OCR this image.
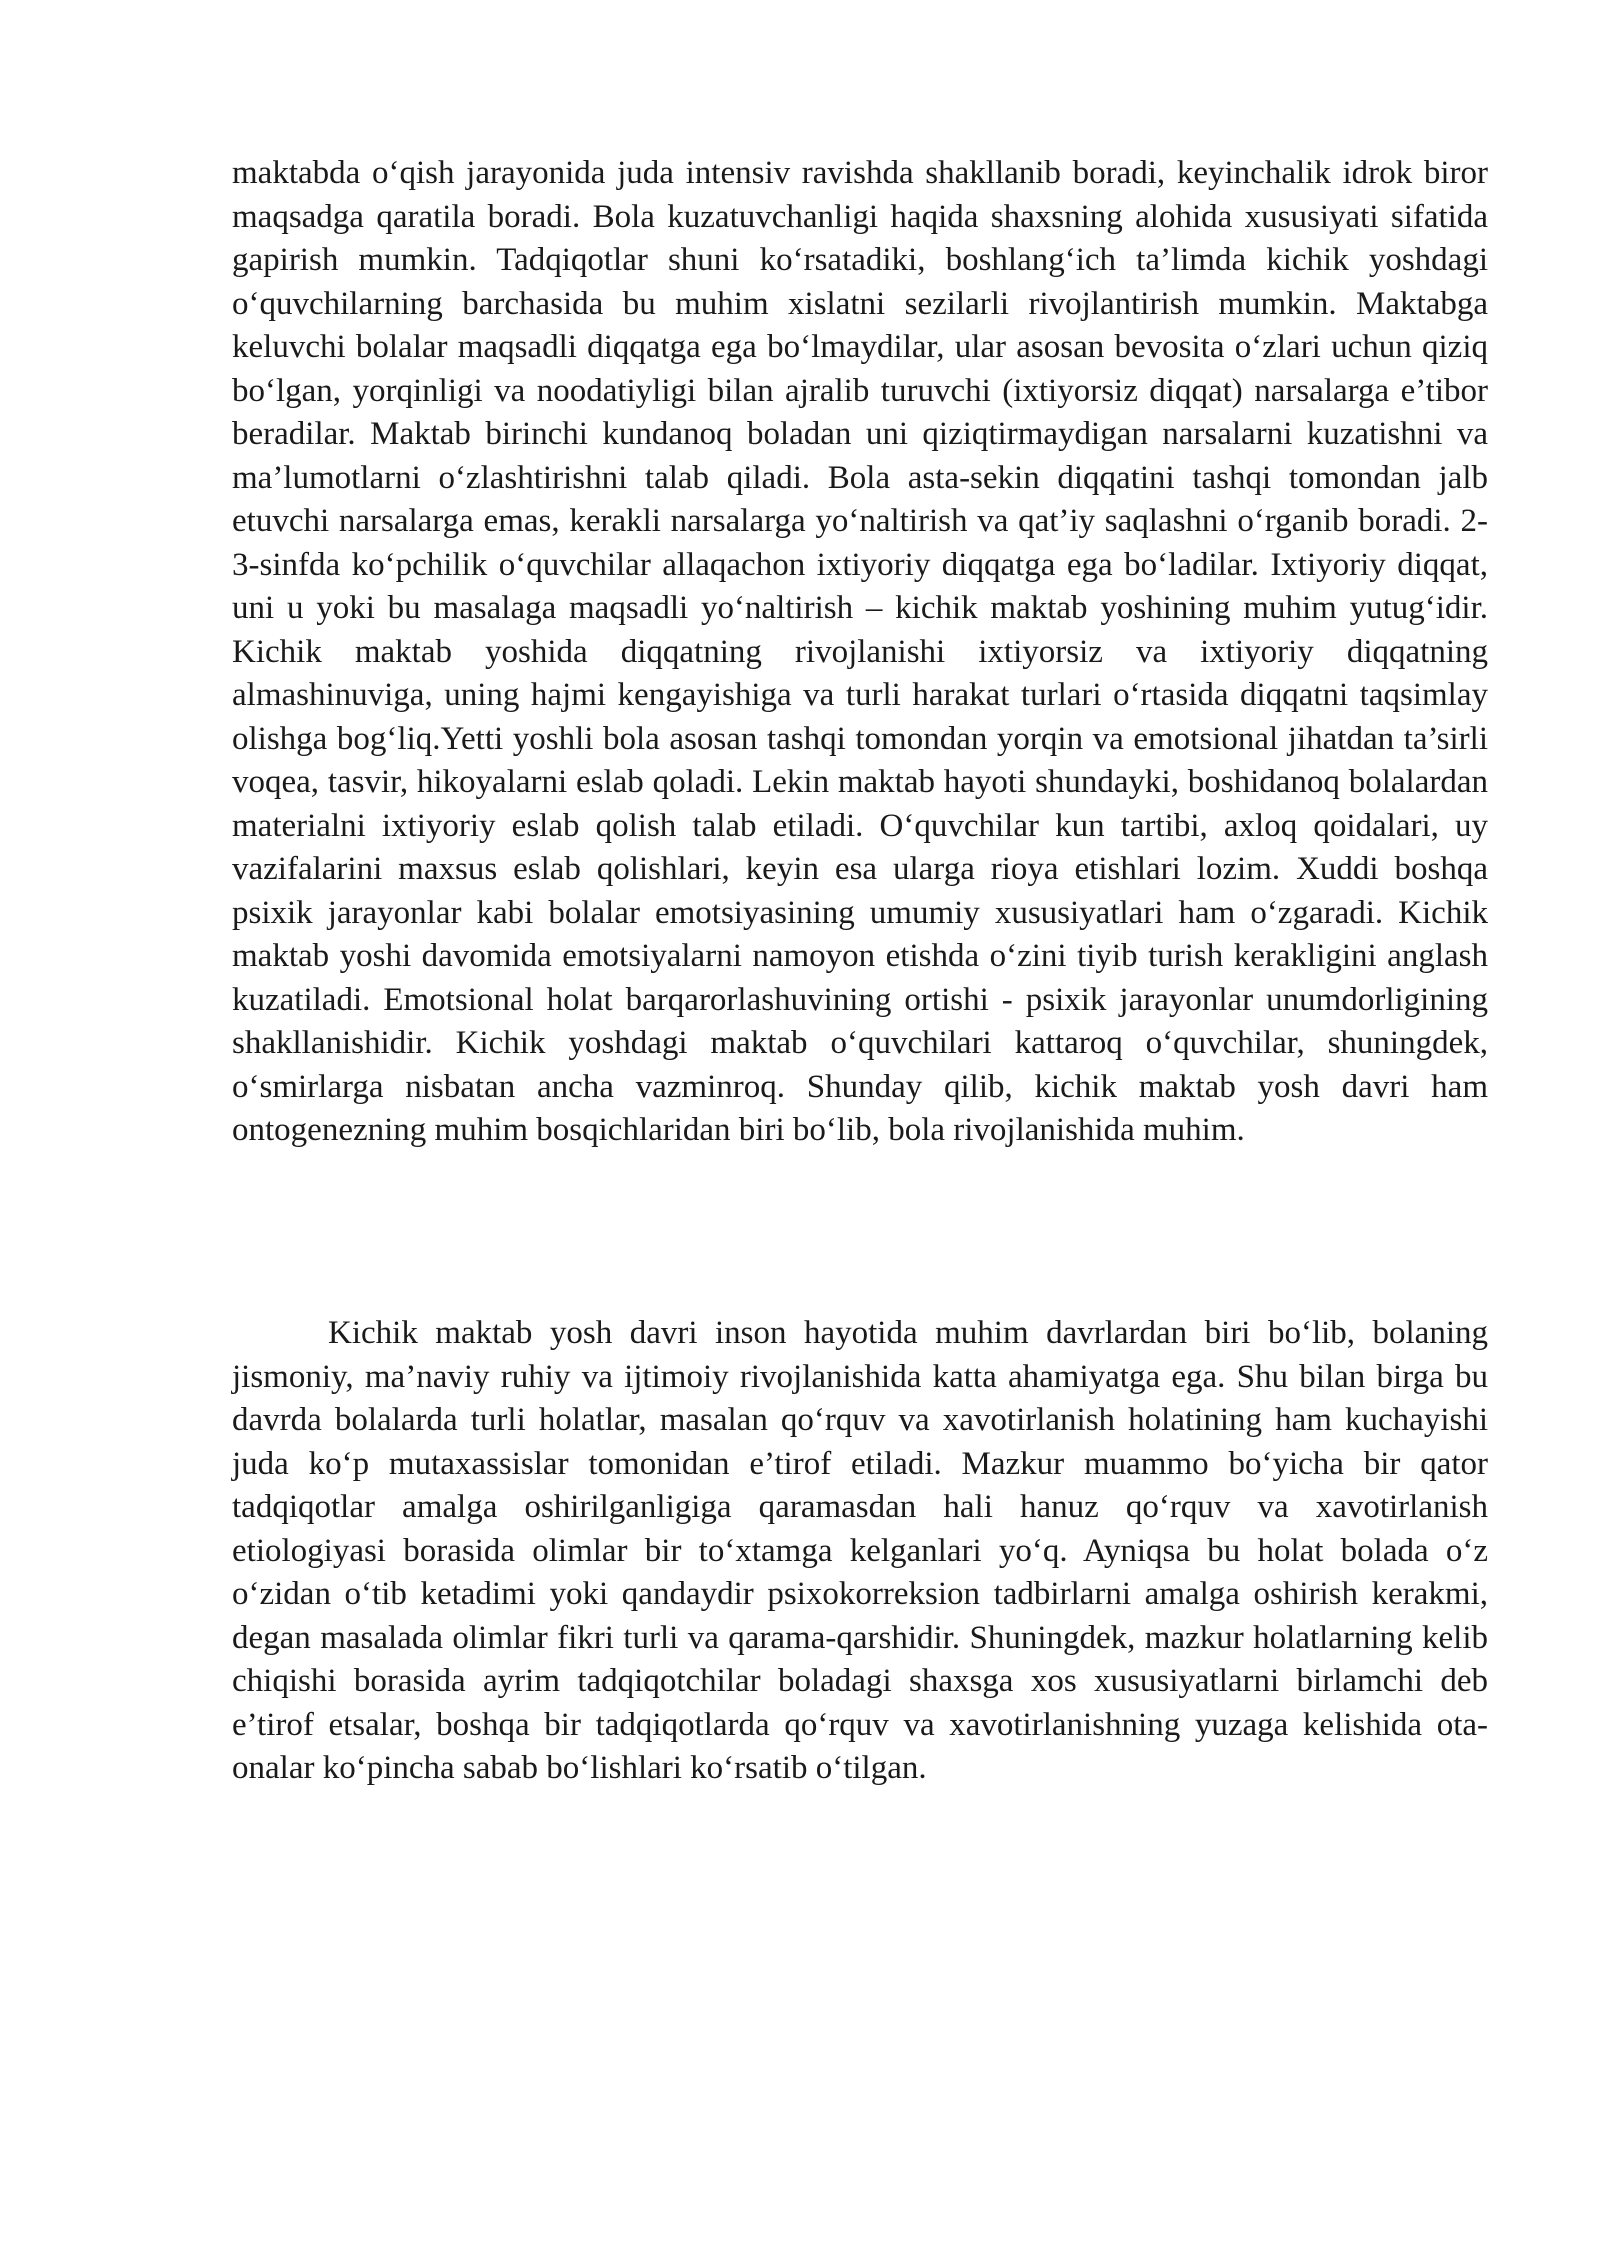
maktabda o‘qish jarayonida juda intensiv ravishda shakllanib boradi, keyinchalik idrok biror maqsadga qaratila boradi. Bola kuzatuvchanligi haqida shaxsning alohida xususiyati sifatida gapirish mumkin. Tadqiqotlar shuni ko‘rsatadiki, boshlang‘ich ta’limda kichik yoshdagi o‘quvchilarning barchasida bu muhim xislatni sezilarli rivojlantirish mumkin. Maktabga keluvchi bolalar maqsadli diqqatga ega bo‘lmaydilar, ular asosan bevosita o‘zlari uchun qiziq bo‘lgan, yorqinligi va noodatiyligi bilan ajralib turuvchi (ixtiyorsiz diqqat) narsalarga e’tibor beradilar. Maktab birinchi kundanoq boladan uni qiziqtirmaydigan narsalarni kuzatishni va ma’lumotlarni o‘zlashtirishni talab qiladi. Bola asta-sekin diqqatini tashqi tomondan jalb etuvchi narsalarga emas, kerakli narsalarga yo‘naltirish va qat’iy saqlashni o‘rganib boradi. 2-3-sinfda ko‘pchilik o‘quvchilar allaqachon ixtiyoriy diqqatga ega bo‘ladilar. Ixtiyoriy diqqat, uni u yoki bu masalaga maqsadli yo‘naltirish – kichik maktab yoshining muhim yutug‘idir. Kichik maktab yoshida diqqatning rivojlanishi ixtiyorsiz va ixtiyoriy diqqatning almashinuviga, uning hajmi kengayishiga va turli harakat turlari o‘rtasida diqqatni taqsimlay olishga bog‘liq.Yetti yoshli bola asosan tashqi tomondan yorqin va emotsional jihatdan ta’sirli voqea, tasvir, hikoyalarni eslab qoladi. Lekin maktab hayoti shundayki, boshidanoq bolalardan materialni ixtiyoriy eslab qolish talab etiladi. O‘quvchilar kun tartibi, axloq qoidalari, uy vazifalarini maxsus eslab qolishlari, keyin esa ularga rioya etishlari lozim. Xuddi boshqa psixik jarayonlar kabi bolalar emotsiyasining umumiy xususiyatlari ham o‘zgaradi. Kichik maktab yoshi davomida emotsiyalarni namoyon etishda o‘zini tiyib turish kerakligini anglash kuzatiladi. Emotsional holat barqarorlashuvining ortishi - psixik jarayonlar unumdorligining shakllanishidir. Kichik yoshdagi maktab o‘quvchilari kattaroq o‘quvchilar, shuningdek, o‘smirlarga nisbatan ancha vazminroq. Shunday qilib, kichik maktab yosh davri ham ontogenezning muhim bosqichlaridan biri bo‘lib, bola rivojlanishida muhim.

Kichik maktab yosh davri inson hayotida muhim davrlardan biri bo‘lib, bolaning jismoniy, ma’naviy ruhiy va ijtimoiy rivojlanishida katta ahamiyatga ega. Shu bilan birga bu davrda bolalarda turli holatlar, masalan qo‘rquv va xavotirlanish holatining ham kuchayishi juda ko‘p mutaxassislar tomonidan e’tirof etiladi. Mazkur muammo bo‘yicha bir qator tadqiqotlar amalga oshirilganligiga qaramasdan hali hanuz qo‘rquv va xavotirlanish etiologiyasi borasida olimlar bir to‘xtamga kelganlari yo‘q. Ayniqsa bu holat bolada o‘z o‘zidan o‘tib ketadimi yoki qandaydir psixokorreksion tadbirlarni amalga oshirish kerakmi, degan masalada olimlar fikri turli va qarama-qarshidir. Shuningdek, mazkur holatlarning kelib chiqishi borasida ayrim tadqiqotchilar boladagi shaxsga xos xususiyatlarni birlamchi deb e’tirof etsalar, boshqa bir tadqiqotlarda qo‘rquv va xavotirlanishning yuzaga kelishida ota-onalar ko‘pincha sabab bo‘lishlari ko‘rsatib o‘tilgan.
